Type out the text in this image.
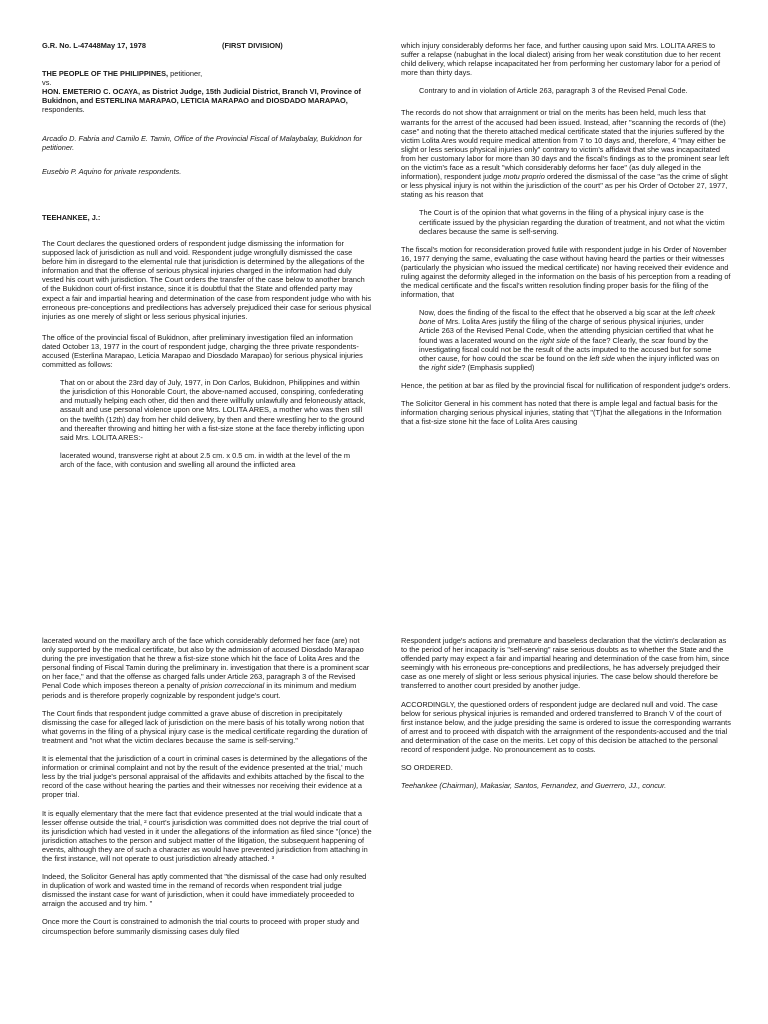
G.R. No. L-47448May 17, 1978	(FIRST DIVISION)

THE PEOPLE OF THE PHILIPPINES, petitioner,

vs.

HON. EMETERIO C. OCAYA, as District Judge, 15th Judicial District, Branch VI, Province of Bukidnon, and ESTERLINA MARAPAO, LETICIA MARAPAO and DIOSDADO MARAPAO, respondents.

Arcadio D. Fabria and Camilo E. Tamin, Office of the Provincial Fiscal of Malaybalay, Bukidnon for petitioner.

Eusebio P. Aquino for private respondents.

TEEHANKEE, J.:

The Court declares the questioned orders of respondent judge dismissing the information for supposed lack of jurisdiction as null and void. Respondent judge wrongfully dismissed the case before him in disregard to the elemental rule that jurisdiction is determined by the allegations of the information and that the offense of serious physical injuries charged in the information had duly vested his court with jurisdiction. The Court orders the transfer of the case below to another branch of the Bukidnon court of-first instance, since it is doubtful that the State and offended party may expect a fair and impartial hearing and determination of the case from respondent judge who with his erroneous pre-conceptions and predilections has adversely prejudiced their case for serious physical injuries as one merely of slight or less serious physical injuries.

The office of the provincial fiscal of Bukidnon, after preliminary investigation filed an information dated October 13, 1977 in the court of respondent judge, charging the three private respondents- accused (Esterlina Marapao, Leticia Marapao and Diosdado Marapao) for serious physical injuries committed as follows:

That on or about the 23rd day of July, 1977, in Don Carlos, Bukidnon, Philippines and within the jurisdiction of this Honorable Court, the above-named accused, conspiring, confederating and mutually helping each other, did then and there willfully unlawfully and feloneously attack, assault and use personal violence upon one Mrs. LOLITA ARES, a mother who was then still on the twelfth (12th) day from her child delivery, by then and there wrestling her to the ground and thereafter throwing and hitting her with a fist-size stone at the face thereby inflicting upon said Mrs. LOLITA ARES:-

lacerated wound, transverse right at about 2.5 cm. x 0.5 cm. in width at the level of the m arch of the face, with contusion and swelling all around the inflicted area

which injury considerably deforms her face, and further causing upon said Mrs. LOLITA ARES to suffer a relapse (nabughat in the local dialect) arising from her weak constitution due to her recent child delivery, which relapse incapacitated her from performing her customary labor for a period of more than thirty days.

Contrary to and in violation of Article 263, paragraph 3 of the Revised Penal Code.

The records do not show that arraignment or trial on the merits has been held, much less that warrants for the arrest of the accused had been issued. Instead, after "scanning the records of (the) case" and noting that the thereto attached medical certificate stated that the injuries suffered by the victim Lolita Ares would require medical attention from 7 to 10 days and, therefore, 4 "may either be slight or less serious physical injuries only" contrary to victim's affidavit that she was incapacitated from her customary labor for more than 30 days and the fiscal's findings as to the prominent sear left on the victim's face as a result "which considerably deforms her face" (as duly alleged in the information), respondent judge motu proprio ordered the dismissal of the case "as the crime of slight or less physical injury is not within the jurisdiction of the court" as per his Order of October 27, 1977, stating as his reason that

The Court is of the opinion that what governs in the filing of a physical injury case is the certificate issued by the physician regarding the duration of treatment, and not what the victim declares because the same is self-serving.

The fiscal's motion for reconsideration proved futile with respondent judge in his Order of November 16, 1977 denying the same, evaluating the case without having heard the parties or their witnesses (particularly the physician who issued the medical certificate) nor having received their evidence and ruling against the deformity alleged in the information on the basis of his perception from a reading of the medical certificate and the fiscal's written resolution finding proper basis for the filing of the information, that

Now, does the finding of the fiscal to the effect that he observed a big scar at the left cheek bone of Mrs. Lolita Ares justify the filing of the charge of serious physical injuries, under Article 263 of the Revised Penal Code, when the attending physician certified that what he found was a lacerated wound on the right side of the face? Clearly, the scar found by the investigating fiscal could not be the result of the acts imputed to the accused but for some other cause, for how could the scar be found on the left side when the injury inflicted was on the right side? (Emphasis supplied)

Hence, the petition at bar as filed by the provincial fiscal for nullification of respondent judge's orders.

The Solicitor General in his comment has noted that there is ample legal and factual basis for the information charging serious physical injuries, stating that "(T)hat the allegations in the Information that a fist-size stone hit the face of Lolita Ares causing

lacerated wound on the maxillary arch of the face which considerably deformed her face (are) not only supported by the medical certificate, but also by the admission of accused Diosdado Marapao during the pre investigation that he threw a fist-size stone which hit the face of Lolita Ares and the personal finding of Fiscal Tamin during the preliminary in. investigation that there is a prominent scar on her face," and that the offense as charged falls under Article 263, paragraph 3 of the Revised Penal Code which imposes thereon a penalty of prision correccional in its minimum and medium periods and is therefore properly cognizable by respondent judge's court.

The Court finds that respondent judge committed a grave abuse of discretion in precipitately dismissing the case for alleged lack of jurisdiction on the mere basis of his totally wrong notion that what governs in the filing of a physical injury case is the medical certificate regarding the duration of treatment and "not what the victim declares because the same is self-serving."

It is elemental that the jurisdiction of a court in criminal cases is determined by the allegations of the information or criminal complaint and not by the result of the evidence presented at the trial,' much less by the trial judge's personal appraisal of the affidavits and exhibits attached by the fiscal to the record of the case without hearing the parties and their witnesses nor receiving their evidence at a proper trial.

It is equally elementary that the mere fact that evidence presented at the trial would indicate that a lesser offense outside the trial, ² court's jurisdiction was committed does not deprive the trial court of its jurisdiction which had vested in it under the allegations of the information as filed since "(once) the jurisdiction attaches to the person and subject matter of the litigation, the subsequent happening of events, although they are of such a character as would have prevented jurisdiction from attaching in the first instance, will not operate to oust jurisdiction already attached. ³

Indeed, the Solicitor General has aptly commented that "the dismissal of the case had only resulted in duplication of work and wasted time in the remand of records when respondent trial judge dismissed the instant case for want of jurisdiction, when it could have immediately proceeded to arraign the accused and try him. "

Once more the Court is constrained to admonish the trial courts to proceed with proper study and circumspection before summarily dismissing cases duly filed

Respondent judge's actions and premature and baseless declaration that the victim's declaration as to the period of her incapacity is "self-serving" raise serious doubts as to whether the State and the offended party may expect a fair and impartial hearing and determination of the case from him, since seemingly with his erroneous pre-conceptions and predilections, he has adversely prejudged their case as one merely of slight or less serious physical injuries. The case below should therefore be transferred to another court presided by another judge.

ACCORDINGLY, the questioned orders of respondent judge are declared null and void. The case below for serious physical injuries is remanded and ordered transferred to Branch V of the court of first instance below, and the judge presiding the same is ordered to issue the corresponding warrants of arrest and to proceed with dispatch with the arraignment of the respondents-accused and the trial and determination of the case on the merits. Let copy of this decision be attached to the personal record of respondent judge. No pronouncement as to costs.

SO ORDERED.

Teehankee (Chairman), Makasiar, Santos, Fernandez, and Guerrero, JJ., concur.
